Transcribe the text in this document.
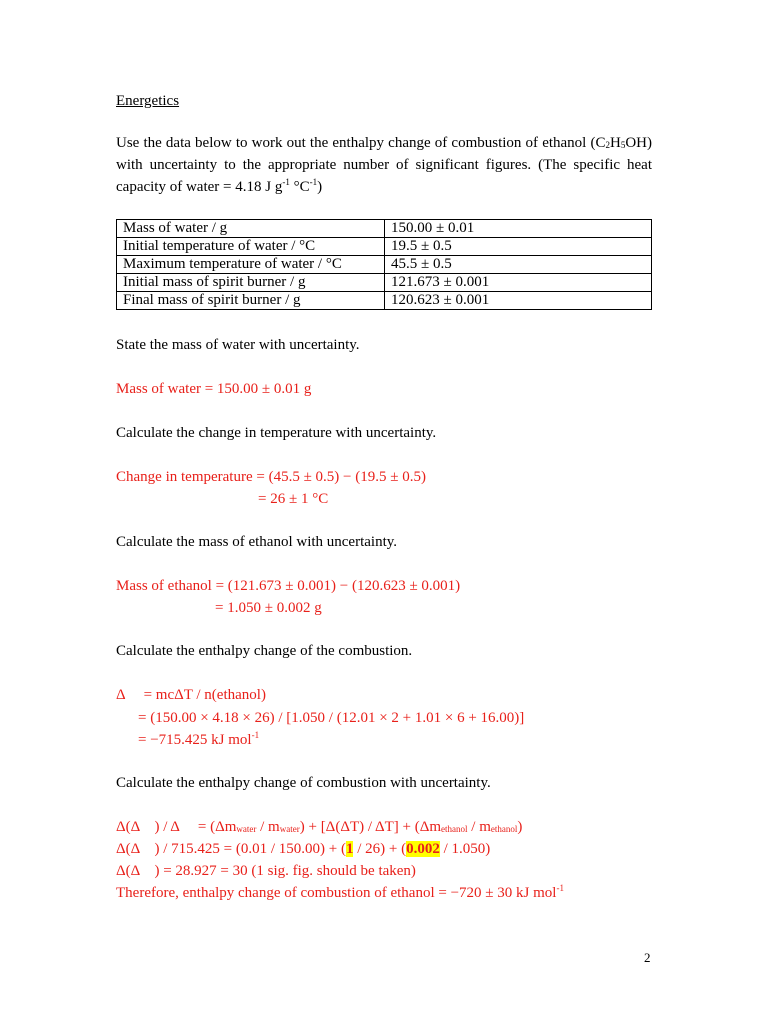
Energetics
Use the data below to work out the enthalpy change of combustion of ethanol $(C_2H_5OH)$
with uncertainty to the appropriate number of significant figures. (The specific heat
capacity of water = 4.18 J $g^{-1}$ $^\circ C^{-1}$)
Mass of water / g	150.00 ± 0.01
Initial temperature of water / °C	19.5 ± 0.5
Maximum temperature of water / °C	45.5 ± 0.5
Initial mass of spirit burner / g	121.673 ± 0.001
Final mass of spirit burner / g	120.623 ± 0.001
State the mass of water with uncertainty.
Mass of water = 150.00 ± 0.01 g
Calculate the change in temperature with uncertainty.
Change in temperature = (45.5 ± 0.5) − (19.5 ± 0.5)
= 26 ± 1 °C
Calculate the mass of ethanol with uncertainty.
Mass of ethanol = (121.673 ± 0.001) − (120.623 ± 0.001)
= 1.050 ± 0.002 g
Calculate the enthalpy change of the combustion.
Δ     = mcΔT / n(ethanol)
= (150.00 × 4.18 × 26) / [1.050 / (12.01 × 2 + 1.01 × 6 + 16.00)]
= −715.425 kJ mol$^{-1}$
Calculate the enthalpy change of combustion with uncertainty.
Δ(Δ    ) / Δ     = $(\Delta m_{water} / m_{water}) + [\Delta(\Delta T) / \Delta T] + (\Delta m_{ethanol} / m_{ethanol})$
Δ(Δ    ) / 715.425 = (0.01 / 150.00) + (1 / 26) + (0.002 / 1.050)
Δ(Δ    ) = 28.927 = 30 (1 sig. fig. should be taken)
Therefore, enthalpy change of combustion of ethanol = −720 ± 30 kJ mol$^{-1}$
2
